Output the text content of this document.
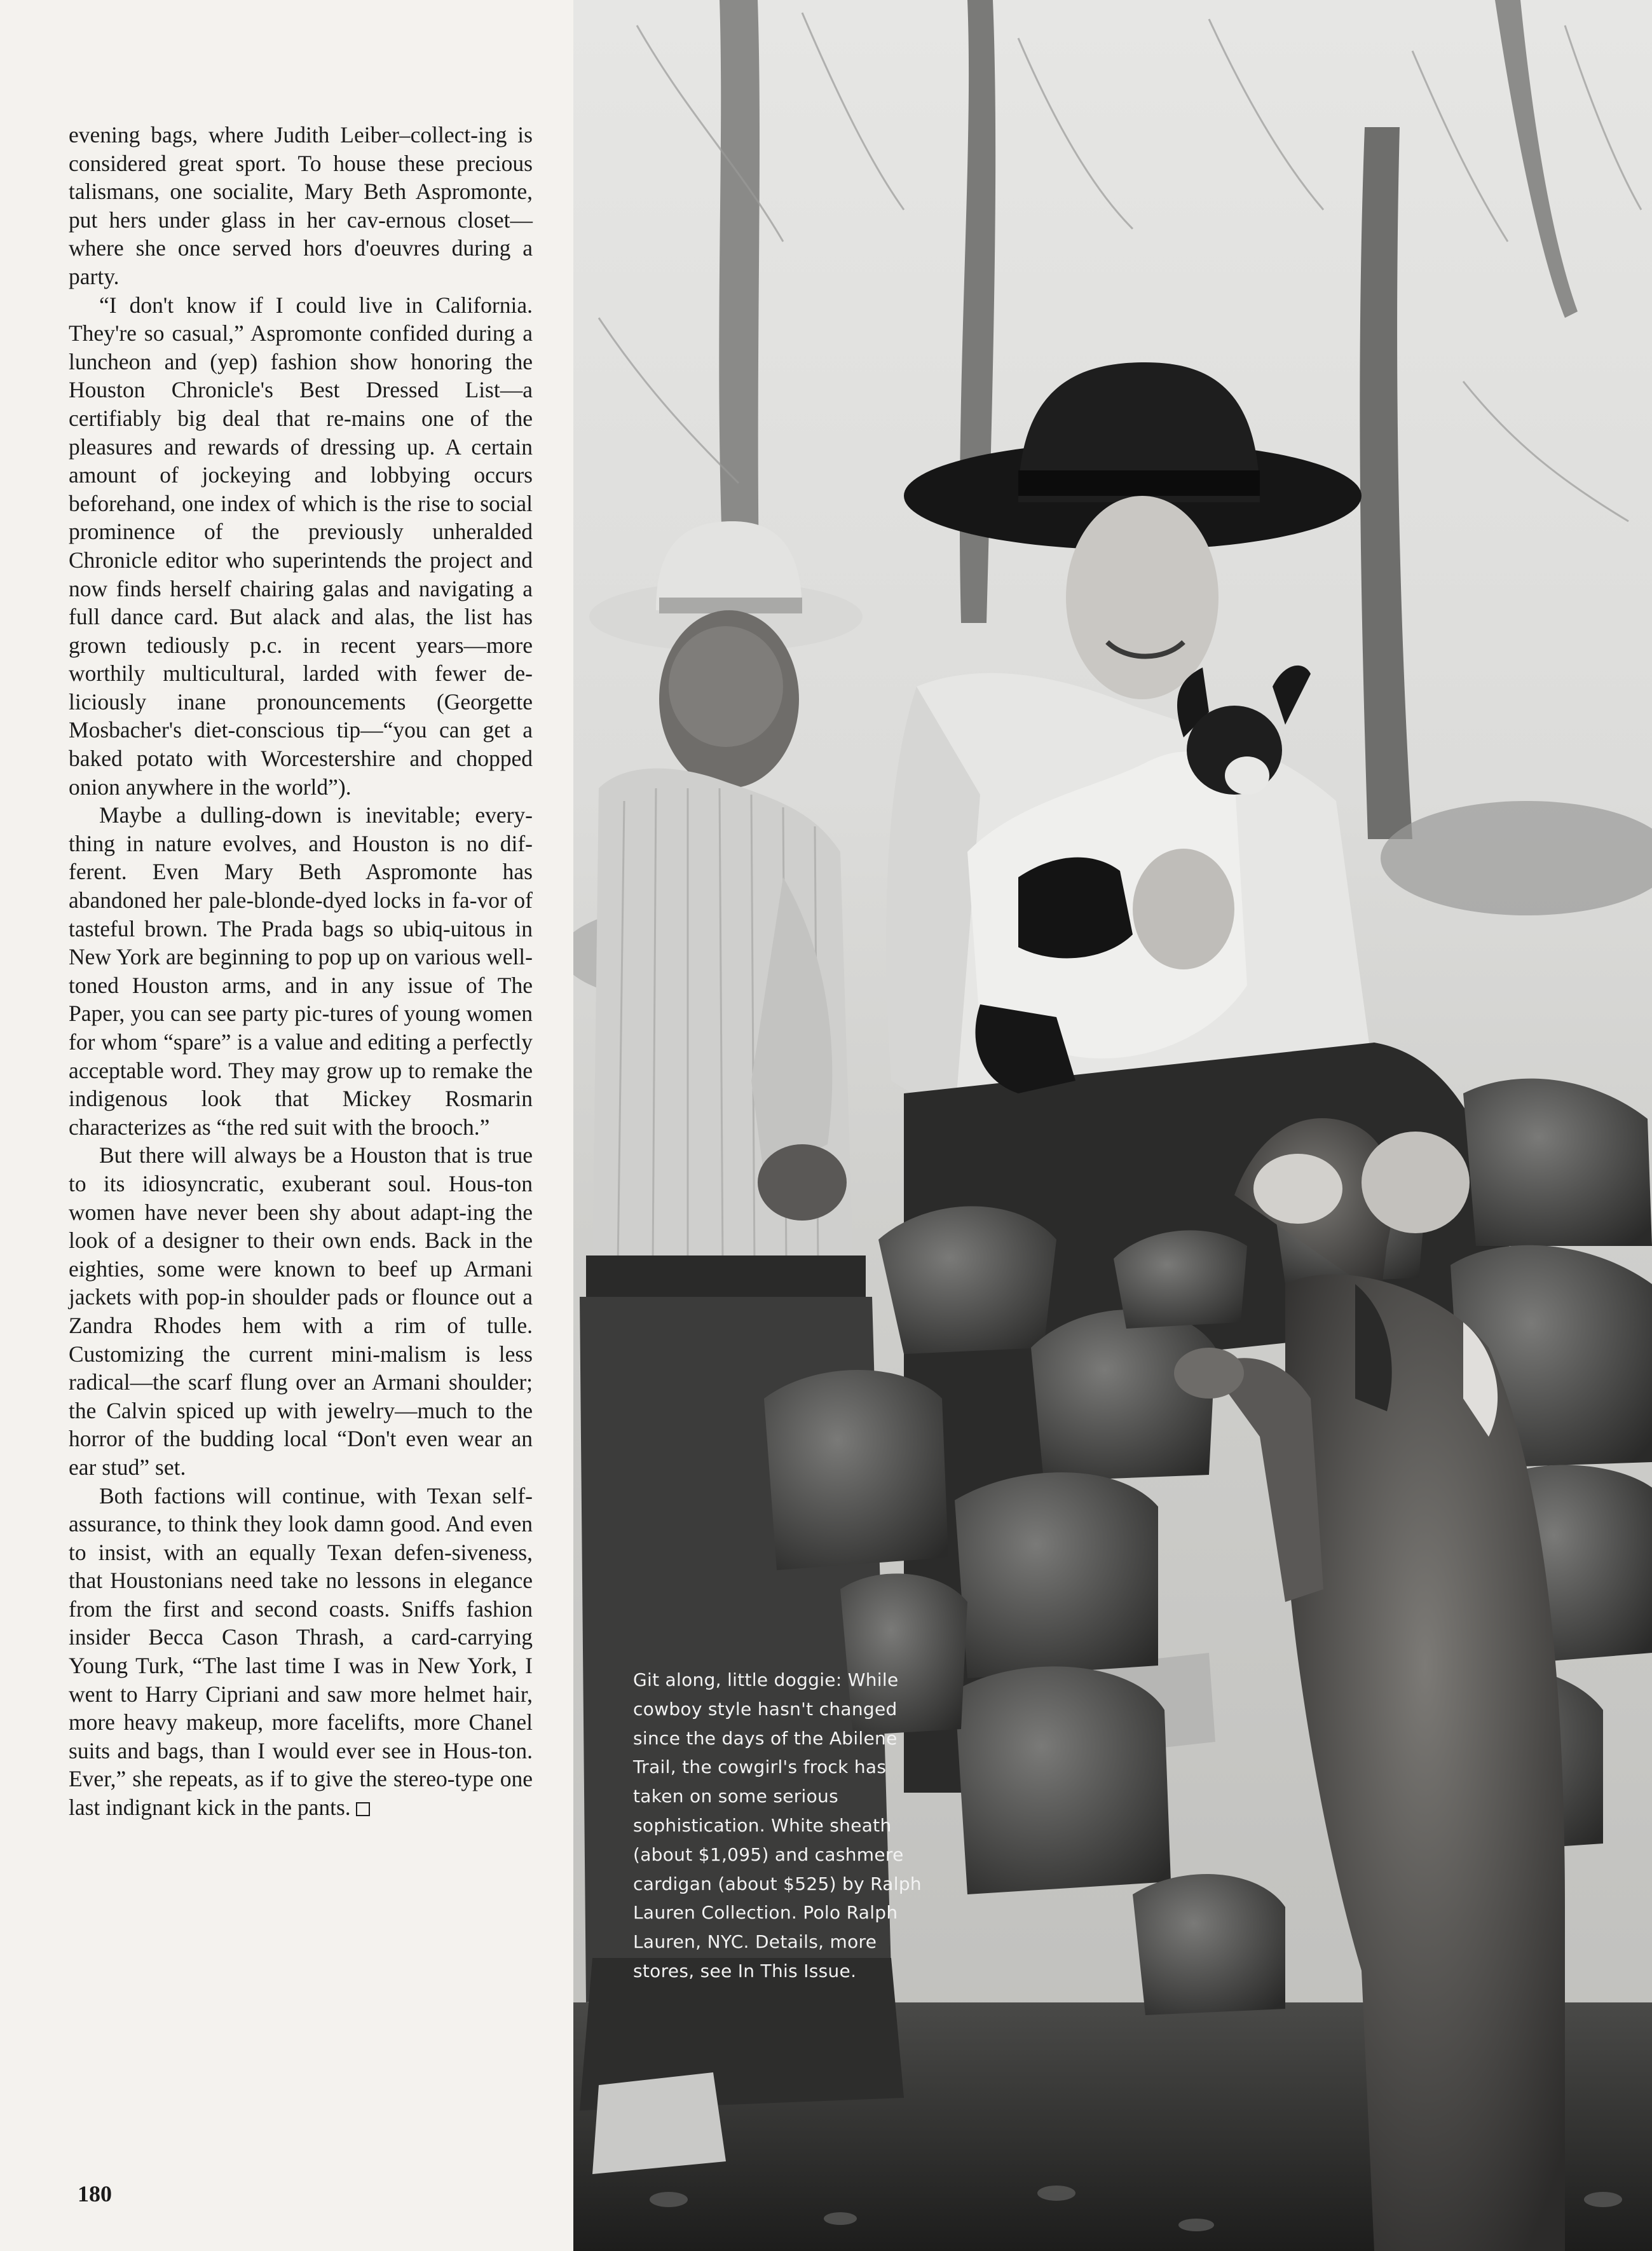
evening bags, where Judith Leiber–collect-ing is considered great sport. To house these precious talismans, one socialite, Mary Beth Aspromonte, put hers under glass in her cav-ernous closet—where she once served hors d'oeuvres during a party.

“I don't know if I could live in California. They're so casual,” Aspromonte confided during a luncheon and (yep) fashion show honoring the Houston Chronicle's Best Dressed List—a certifiably big deal that re-mains one of the pleasures and rewards of dressing up. A certain amount of jockeying and lobbying occurs beforehand, one index of which is the rise to social prominence of the previously unheralded Chronicle editor who superintends the project and now finds herself chairing galas and navigating a full dance card. But alack and alas, the list has grown tediously p.c. in recent years—more worthily multicultural, larded with fewer de-liciously inane pronouncements (Georgette Mosbacher's diet-conscious tip—“you can get a baked potato with Worcestershire and chopped onion anywhere in the world”).

Maybe a dulling-down is inevitable; every-thing in nature evolves, and Houston is no dif-ferent. Even Mary Beth Aspromonte has abandoned her pale-blonde-dyed locks in fa-vor of tasteful brown. The Prada bags so ubiq-uitous in New York are beginning to pop up on various well-toned Houston arms, and in any issue of The Paper, you can see party pic-tures of young women for whom “spare” is a value and editing a perfectly acceptable word. They may grow up to remake the indigenous look that Mickey Rosmarin characterizes as “the red suit with the brooch.”

But there will always be a Houston that is true to its idiosyncratic, exuberant soul. Hous-ton women have never been shy about adapt-ing the look of a designer to their own ends. Back in the eighties, some were known to beef up Armani jackets with pop-in shoulder pads or flounce out a Zandra Rhodes hem with a rim of tulle. Customizing the current mini-malism is less radical—the scarf flung over an Armani shoulder; the Calvin spiced up with jewelry—much to the horror of the budding local “Don't even wear an ear stud” set.

Both factions will continue, with Texan self-assurance, to think they look damn good. And even to insist, with an equally Texan defen-siveness, that Houstonians need take no lessons in elegance from the first and second coasts. Sniffs fashion insider Becca Cason Thrash, a card-carrying Young Turk, “The last time I was in New York, I went to Harry Cipriani and saw more helmet hair, more heavy makeup, more facelifts, more Chanel suits and bags, than I would ever see in Hous-ton. Ever,” she repeats, as if to give the stereo-type one last indignant kick in the pants.

180
Git along, little doggie: While cowboy style hasn't changed since the days of the Abilene Trail, the cowgirl's frock has taken on some serious sophistication. White sheath (about $1,095) and cashmere cardigan (about $525) by Ralph Lauren Collection. Polo Ralph Lauren, NYC. Details, more stores, see In This Issue.
